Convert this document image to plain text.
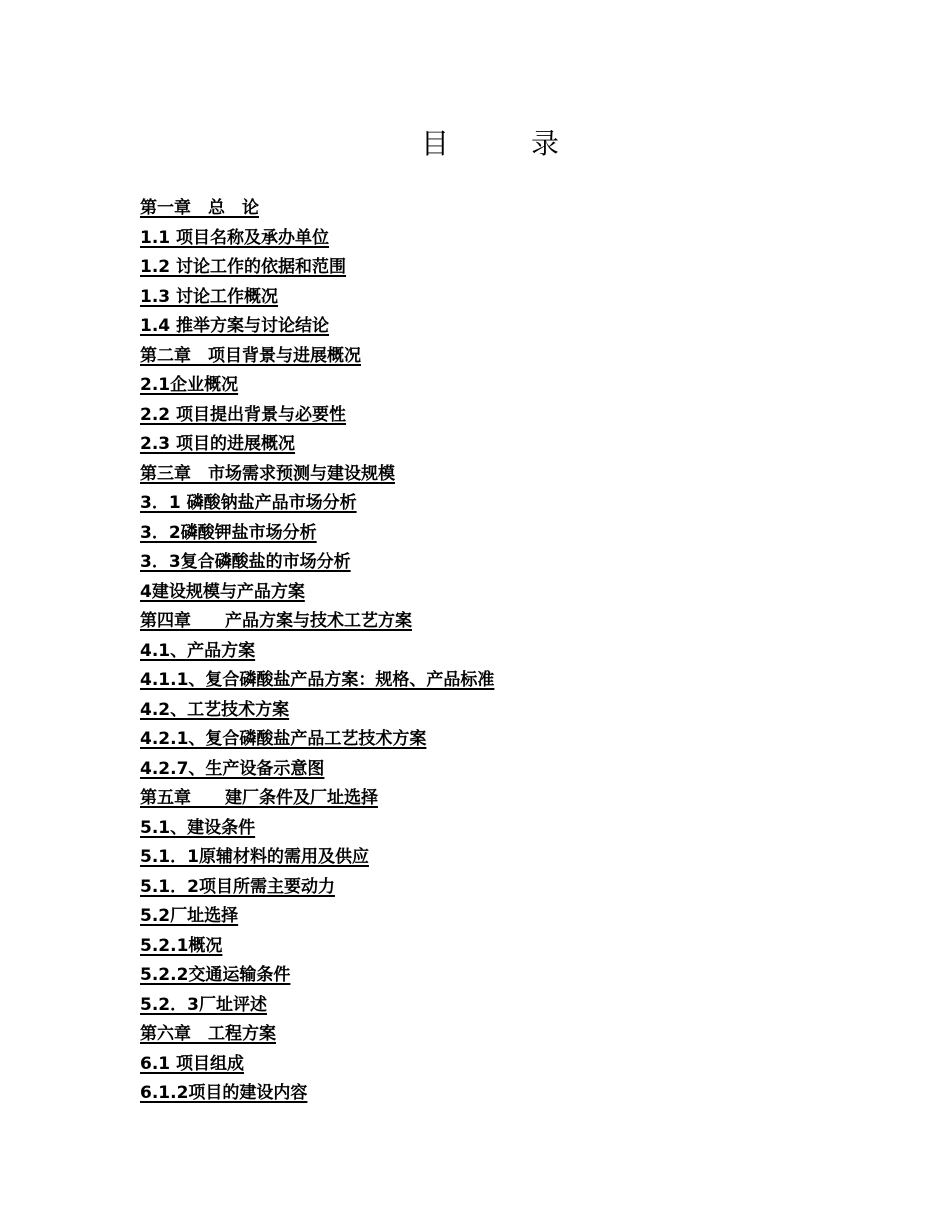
目	录
第一章　总　论
1.1 项目名称及承办单位
1.2 讨论工作的依据和范围
1.3 讨论工作概况
1.4 推举方案与讨论结论
第二章　项目背景与进展概况
2.1企业概况
2.2 项目提出背景与必要性
2.3 项目的进展概况
第三章　市场需求预测与建设规模
3．1 磷酸钠盐产品市场分析
3．2磷酸钾盐市场分析
3．3复合磷酸盐的市场分析
4建设规模与产品方案
第四章　　产品方案与技术工艺方案
4.1、产品方案
4.1.1、复合磷酸盐产品方案：规格、产品标准
4.2、工艺技术方案
4.2.1、复合磷酸盐产品工艺技术方案
4.2.7、生产设备示意图
第五章　　建厂条件及厂址选择
5.1、建设条件
5.1．1原辅材料的需用及供应
5.1．2项目所需主要动力
5.2厂址选择
5.2.1概况
5.2.2交通运输条件
5.2．3厂址评述
第六章　工程方案
6.1 项目组成
6.1.2项目的建设内容
